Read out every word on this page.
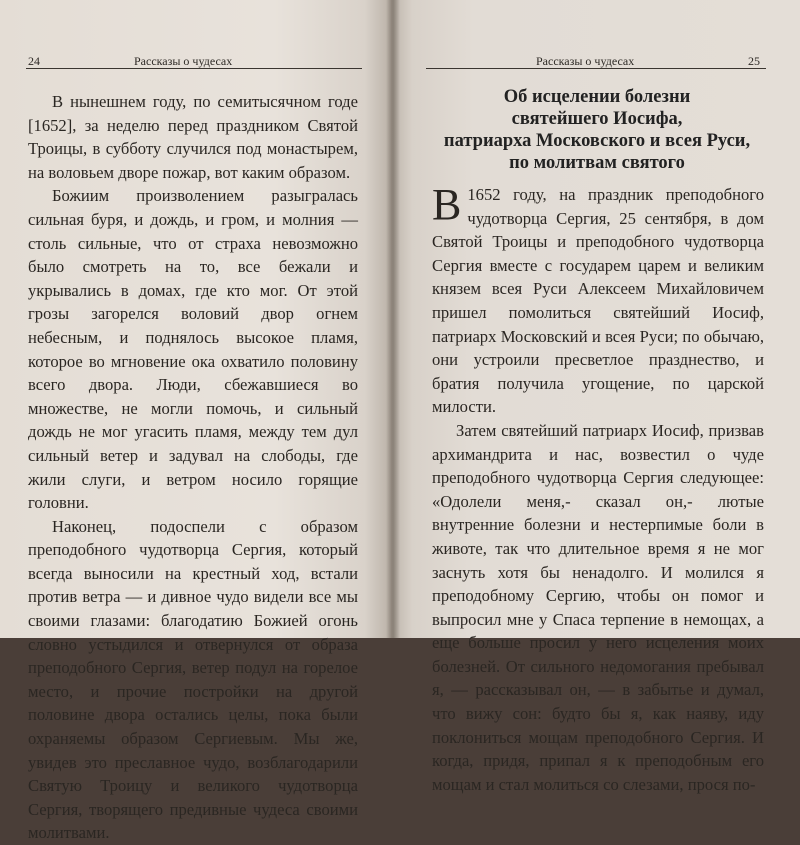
24	Рассказы о чудесах

В нынешнем году, по семитысячном годе [1652], за неделю перед праздником Святой Троицы, в субботу случился под монастырем, на воловьем дворе пожар, вот каким образом.

Божиим произволением разыгралась сильная буря, и дождь, и гром, и молния — столь сильные, что от страха невозможно было смотреть на то, все бежали и укрывались в домах, где кто мог. От этой грозы загорелся воловий двор огнем небесным, и поднялось высокое пламя, которое во мгновение ока охватило половину всего двора. Люди, сбежавшиеся во множестве, не могли помочь, и сильный дождь не мог угасить пламя, между тем дул сильный ветер и задувал на слободы, где жили слуги, и ветром носило горящие головни.

Наконец, подоспели с образом преподобного чудотворца Сергия, который всегда выносили на крестный ход, встали против ветра — и дивное чудо видели все мы своими глазами: благодатию Божией огонь словно устыдился и отвернулся от образа преподобного Сергия, ветер подул на горелое место, и прочие постройки на другой половине двора остались целы, пока были охраняемы образом Сергиевым. Мы же, увидев это преславное чудо, возблагодарили Святую Троицу и великого чудотворца Сергия, творящего предивные чудеса своими молитвами.

Рассказы о чудесах	25
Об исцелении болезни
святейшего Иосифа,
патриарха Московского и всея Руси,
по молитвам святого

В 1652 году, на праздник преподобного чудотворца Сергия, 25 сентября, в дом Святой Троицы и преподобного чудотворца Сергия вместе с государем царем и великим князем всея Руси Алексеем Михайловичем пришел помолиться святейший Иосиф, патриарх Московский и всея Руси; по обычаю, они устроили пресветлое празднество, и братия получила угощение, по царской милости.

Затем святейший патриарх Иосиф, призвав архимандрита и нас, возвестил о чуде преподобного чудотворца Сергия следующее: «Одолели меня,- сказал он,- лютые внутренние болезни и нестерпимые боли в животе, так что длительное время я не мог заснуть хотя бы ненадолго. И молился я преподобному Сергию, чтобы он помог и выпросил мне у Спаса терпение в немощах, а еще больше просил у него исцеления моих болезней. От сильного недомогания пребывал я, — рассказывал он, — в забытье и думал, что вижу сон: будто бы я, как наяву, иду поклониться мощам преподобного Сергия. И когда, придя, припал я к преподобным его мощам и стал молиться со слезами, прося по-
